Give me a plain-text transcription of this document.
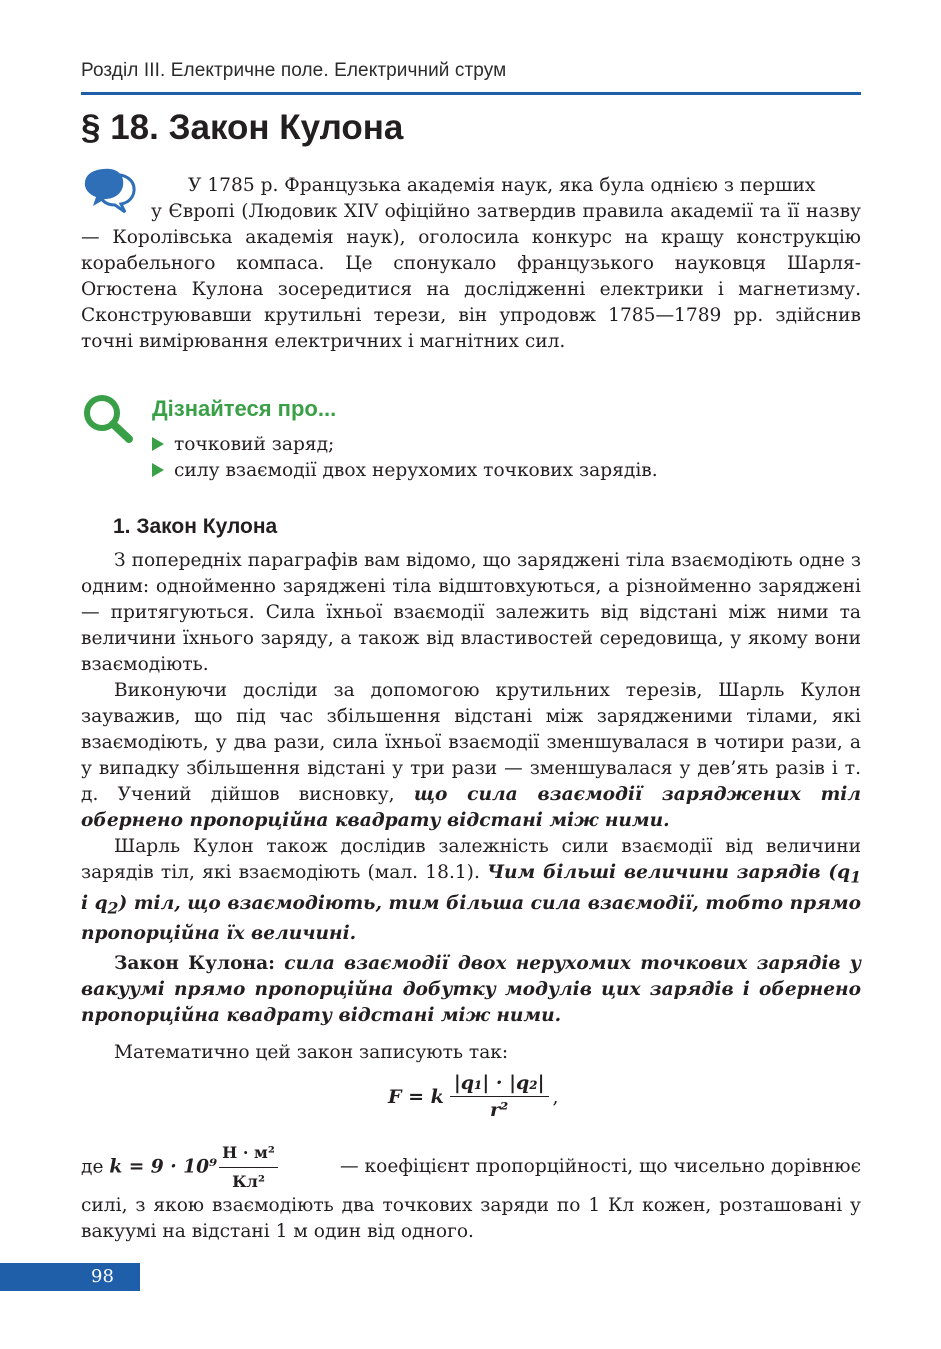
Розділ ІІІ. Електричне поле. Електричний струм
§ 18. Закон Кулона

У 1785 р. Французька академія наук, яка була однією з перших
у Європі (Людовик XIV офіційно затвердив правила академії та її назву — Королівська академія наук), оголосила конкурс на кращу конструкцію корабельного компаса. Це спонукало французького науковця Шарля-Огюстена Кулона зосередитися на дослідженні електрики і магнетизму. Сконструювавши крутильні терези, він упродовж 1785—1789 рр. здійснив точні вимірювання електричних і магнітних сил.

Дізнайтеся про...

точковий заряд;

силу взаємодії двох нерухомих точкових зарядів.

1. Закон Кулона

З попередніх параграфів вам відомо, що заряджені тіла взаємодіють одне з одним: однойменно заряджені тіла відштовхуються, а різнойменно заряджені — притягуються. Сила їхньої взаємодії залежить від відстані між ними та величини їхнього заряду, а також від властивостей середовища, у якому вони взаємодіють.

Виконуючи досліди за допомогою крутильних терезів, Шарль Кулон зауважив, що під час збільшення відстані між зарядженими тілами, які взаємодіють, у два рази, сила їхньої взаємодії зменшувалася в чотири рази, а у випадку збільшення відстані у три рази — зменшувалася у дев’ять разів і т. д. Учений дійшов висновку, що сила взаємодії заряджених тіл обернено пропорційна квадрату відстані між ними.

Шарль Кулон також дослідив залежність сили взаємодії від величини зарядів тіл, які взаємодіють (мал. 18.1). Чим більші величини зарядів ($q_1$ і $q_2$) тіл, що взаємодіють, тим більша сила взаємодії, тобто прямо пропорційна їх величині.

Закон Кулона: сила взаємодії двох нерухомих точкових зарядів у вакуумі прямо пропорційна добутку модулів цих зарядів і обернено пропорційна квадрату відстані між ними.

Математично цей закон записують так:

F = k $\frac{\text{|q₁| · |q₂|}}{\text{r²}}$ ,
де $k = 9 \cdot 10^9 \frac{\text{Н · м²}}{\text{Кл²}}$	— коефіцієнт пропорційності, що чисельно дорівнює
силі, з якою взаємодіють два точкових заряди по 1 Кл кожен, розташовані у вакуумі на відстані 1 м один від одного.
98
